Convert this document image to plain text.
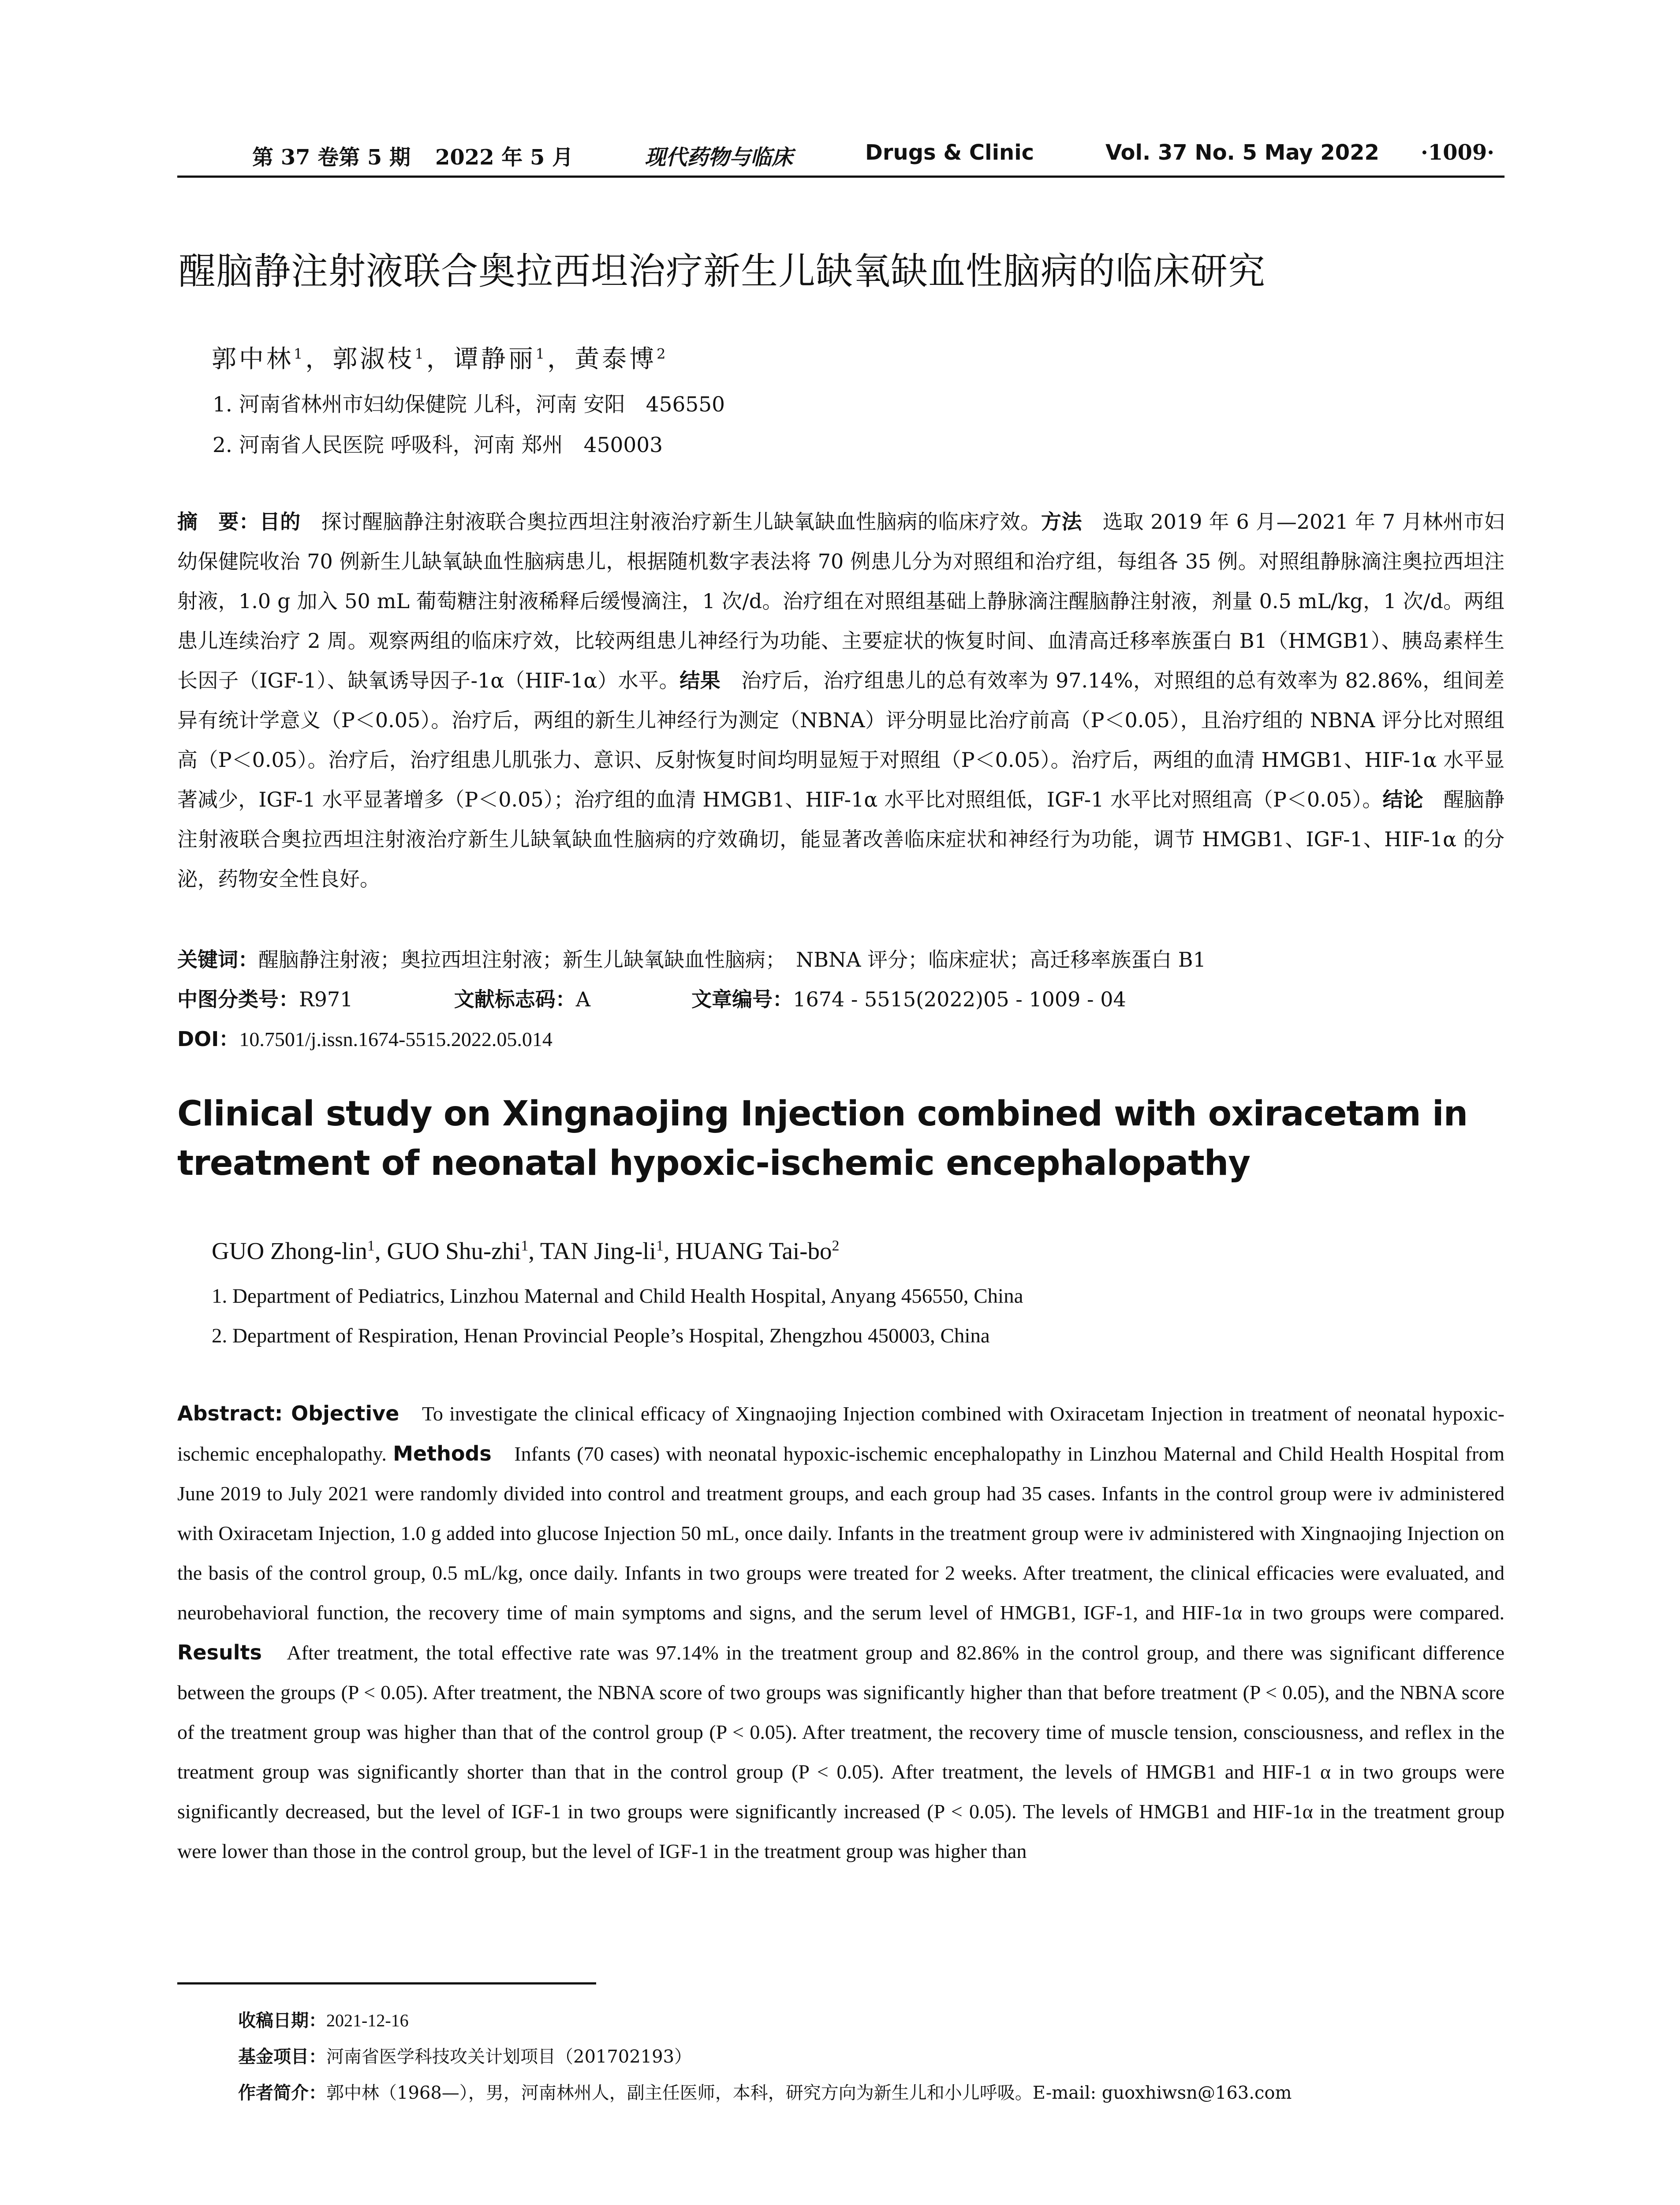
第 37 卷第 5 期 2022 年 5 月	现代药物与临床	Drugs & Clinic	Vol. 37 No. 5 May 2022 ·1009·
醒脑静注射液联合奥拉西坦治疗新生儿缺氧缺血性脑病的临床研究
郭中林$^1$，郭淑枝$^1$，谭静丽$^1$，黄泰博$^2$
1. 河南省林州市妇幼保健院 儿科，河南 安阳　456550
2. 河南省人民医院 呼吸科，河南 郑州　450003

摘　要：目的　 探讨醒脑静注射液联合奥拉西坦注射液治疗新生儿缺氧缺血性脑病的临床疗效。方法　 选取 2019 年 6 月—2021 年 7 月林州市妇幼保健院收治 70 例新生儿缺氧缺血性脑病患儿，根据随机数字表法将 70 例患儿分为对照组和治疗组，每组各 35 例。对照组静脉滴注奥拉西坦注射液，1.0 g 加入 50 mL 葡萄糖注射液稀释后缓慢滴注，1 次/d。治疗组在对照组基础上静脉滴注醒脑静注射液，剂量 0.5 mL/kg，1 次/d。两组患儿连续治疗 2 周。观察两组的临床疗效，比较两组患儿神经行为功能、主要症状的恢复时间、血清高迁移率族蛋白 B1（HMGB1）、胰岛素样生长因子（IGF-1）、缺氧诱导因子-1α（HIF-1α）水平。结果　 治疗后，治疗组患儿的总有效率为 97.14%，对照组的总有效率为 82.86%，组间差异有统计学意义（P＜0.05）。治疗后，两组的新生儿神经行为测定（NBNA）评分明显比治疗前高（P＜0.05），且治疗组的 NBNA 评分比对照组高（P＜0.05）。治疗后，治疗组患儿肌张力、意识、反射恢复时间均明显短于对照组（P＜0.05）。治疗后，两组的血清 HMGB1、HIF-1α 水平显著减少，IGF-1 水平显著增多（P＜0.05）；治疗组的血清 HMGB1、HIF-1α 水平比对照组低，IGF-1 水平比对照组高（P＜0.05）。结论　 醒脑静注射液联合奥拉西坦注射液治疗新生儿缺氧缺血性脑病的疗效确切，能显著改善临床症状和神经行为功能，调节 HMGB1、IGF-1、HIF-1α 的分泌，药物安全性良好。

关键词：醒脑静注射液；奥拉西坦注射液；新生儿缺氧缺血性脑病；　NBNA 评分；临床症状；高迁移率族蛋白 B1
中图分类号：R971	文献标志码：A	文章编号：1674 - 5515(2022)05 - 1009 - 04
DOI：10.7501/j.issn.1674-5515.2022.05.014
Clinical study on Xingnaojing Injection combined with oxiracetam in treatment of neonatal hypoxic-ischemic encephalopathy
GUO Zhong-lin$^1$, GUO Shu-zhi$^1$, TAN Jing-$li^1$, HUANG Tai-$bo^2$
1. Department of Pediatrics, Linzhou Maternal and Child Health Hospital, Anyang 456550, China
2. Department of Respiration, Henan Provincial People’s Hospital, Zhengzhou 450003, China

Abstract: Objective　 To investigate the clinical efficacy of Xingnaojing Injection combined with Oxiracetam Injection in treatment of neonatal hypoxic-ischemic encephalopathy. Methods　 Infants (70 cases) with neonatal hypoxic-ischemic encephalopathy in Linzhou Maternal and Child Health Hospital from June 2019 to July 2021 were randomly divided into control and treatment groups, and each group had 35 cases. Infants in the control group were iv administered with Oxiracetam Injection, 1.0 g added into glucose Injection 50 mL, once daily. Infants in the treatment group were iv administered with Xingnaojing Injection on the basis of the control group, 0.5 mL/kg, once daily. Infants in two groups were treated for 2 weeks. After treatment, the clinical efficacies were evaluated, and neurobehavioral function, the recovery time of main symptoms and signs, and the serum level of HMGB1, IGF-1, and HIF-1α in two groups were compared. Results　 After treatment, the total effective rate was 97.14% in the treatment group and 82.86% in the control group, and there was significant difference between the groups (P < 0.05). After treatment, the NBNA score of two groups was significantly higher than that before treatment (P < 0.05), and the NBNA score of the treatment group was higher than that of the control group (P < 0.05). After treatment, the recovery time of muscle tension, consciousness, and reflex in the treatment group was significantly shorter than that in the control group (P < 0.05). After treatment, the levels of HMGB1 and HIF-1 α in two groups were significantly decreased, but the level of IGF-1 in two groups were significantly increased (P < 0.05). The levels of HMGB1 and HIF-1α in the treatment group were lower than those in the control group, but the level of IGF-1 in the treatment group was higher than

收稿日期：2021-12-16
基金项目：河南省医学科技攻关计划项目（201702193）
作者简介：郭中林（1968—），男，河南林州人，副主任医师，本科，研究方向为新生儿和小儿呼吸。E-mail: guoxhiwsn@163.com
